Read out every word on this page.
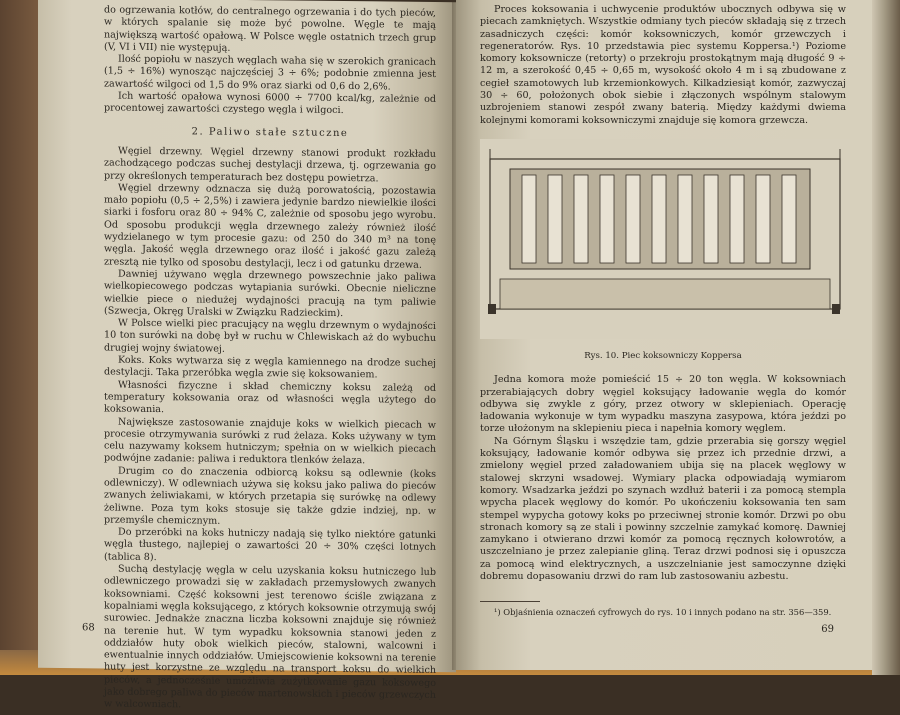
do ogrzewania kotłów, do centralnego ogrzewania i do tych pieców, w których spalanie się może być powolne. Węgle te mają największą wartość opałową. W Polsce węgle ostatnich trzech grup (V, VI i VII) nie występują.

Ilość popiołu w naszych węglach waha się w szerokich granicach (1,5 ÷ 16%) wynosząc najczęściej 3 ÷ 6%; podobnie zmienna jest zawartość wilgoci od 1,5 do 9% oraz siarki od 0,6 do 2,6%.

Ich wartość opałowa wynosi 6000 ÷ 7700 kcal/kg, zależnie od procentowej zawartości czystego węgla i wilgoci.

2. Paliwo stałe sztuczne

Węgiel drzewny. Węgiel drzewny stanowi produkt rozkładu zachodzącego podczas suchej destylacji drzewa, tj. ogrzewania go przy określonych temperaturach bez dostępu powietrza.

Węgiel drzewny odznacza się dużą porowatością, pozostawia mało popiołu (0,5 ÷ 2,5%) i zawiera jedynie bardzo niewielkie ilości siarki i fosforu oraz 80 ÷ 94% C, zależnie od sposobu jego wyrobu. Od sposobu produkcji węgla drzewnego zależy również ilość wydzielanego w tym procesie gazu: od 250 do 340 m³ na tonę węgla. Jakość węgla drzewnego oraz ilość i jakość gazu zależą zresztą nie tylko od sposobu destylacji, lecz i od gatunku drzewa.

Dawniej używano węgla drzewnego powszechnie jako paliwa wielkopiecowego podczas wytapiania surówki. Obecnie nieliczne wielkie piece o niedużej wydajności pracują na tym paliwie (Szwecja, Okręg Uralski w Związku Radzieckim).

W Polsce wielki piec pracujący na węglu drzewnym o wydajności 10 ton surówki na dobę był w ruchu w Chlewiskach aż do wybuchu drugiej wojny światowej.

Koks. Koks wytwarza się z węgla kamiennego na drodze suchej destylacji. Taka przeróbka węgla zwie się koksowaniem.

Własności fizyczne i skład chemiczny koksu zależą od temperatury koksowania oraz od własności węgla użytego do koksowania.

Największe zastosowanie znajduje koks w wielkich piecach w procesie otrzymywania surówki z rud żelaza. Koks używany w tym celu nazywamy koksem hutniczym; spełnia on w wielkich piecach podwójne zadanie: paliwa i reduktora tlenków żelaza.

Drugim co do znaczenia odbiorcą koksu są odlewnie (koks odlewniczy). W odlewniach używa się koksu jako paliwa do pieców zwanych żeliwiakami, w których przetapia się surówkę na odlewy żeliwne. Poza tym koks stosuje się także gdzie indziej, np. w przemyśle chemicznym.

Do przeróbki na koks hutniczy nadają się tylko niektóre gatunki węgla tłustego, najlepiej o zawartości 20 ÷ 30% części lotnych (tablica 8).

Suchą destylację węgla w celu uzyskania koksu hutniczego lub odlewniczego prowadzi się w zakładach przemysłowych zwanych koksowniami. Część koksowni jest terenowo ściśle związana z kopalniami węgla koksującego, z których koksownie otrzymują swój surowiec. Jednakże znaczna liczba koksowni znajduje się również na terenie hut. W tym wypadku koksownia stanowi jeden z oddziałów huty obok wielkich pieców, stalowni, walcowni i ewentualnie innych oddziałów. Umiejscowienie koksowni na terenie huty jest korzystne ze względu na transport koksu do wielkich pieców, a jednocześnie umożliwia zużytkowanie gazu koksowego jako dobrego paliwa do pieców martenowskich i pieców grzewczych w walcowniach.

68

Proces koksowania i uchwycenie produktów ubocznych odbywa się w piecach zamkniętych. Wszystkie odmiany tych pieców składają się z trzech zasadniczych części: komór koksowniczych, komór grzewczych i regeneratorów. Rys. 10 przedstawia piec systemu Koppersa.¹) Poziome komory koksownicze (retorty) o przekroju prostokątnym mają długość 9 ÷ 12 m, a szerokość 0,45 ÷ 0,65 m, wysokość około 4 m i są zbudowane z cegieł szamotowych lub krzemionkowych. Kilkadziesiąt komór, zazwyczaj 30 ÷ 60, położonych obok siebie i złączonych wspólnym stalowym uzbrojeniem stanowi zespół zwany baterią. Między każdymi dwiema kolejnymi komorami koksowniczymi znajduje się komora grzewcza.

Rys. 10. Piec koksowniczy Koppersa

Jedna komora może pomieścić 15 ÷ 20 ton węgla. W koksowniach przerabiających dobry węgiel koksujący ładowanie węgla do komór odbywa się zwykle z góry, przez otwory w sklepieniach. Operację ładowania wykonuje w tym wypadku maszyna zasypowa, która jeździ po torze ułożonym na sklepieniu pieca i napełnia komory węglem.

Na Górnym Śląsku i wszędzie tam, gdzie przerabia się gorszy węgiel koksujący, ładowanie komór odbywa się przez ich przednie drzwi, a zmielony węgiel przed załadowaniem ubija się na placek węglowy w stalowej skrzyni wsadowej. Wymiary placka odpowiadają wymiarom komory. Wsadzarka jeździ po szynach wzdłuż baterii i za pomocą stempla wpycha placek węglowy do komór. Po ukończeniu koksowania ten sam stempel wypycha gotowy koks po przeciwnej stronie komór. Drzwi po obu stronach komory są ze stali i powinny szczelnie zamykać komorę. Dawniej zamykano i otwierano drzwi komór za pomocą ręcznych kołowrotów, a uszczelniano je przez zalepianie gliną. Teraz drzwi podnosi się i opuszcza za pomocą wind elektrycznych, a uszczelnianie jest samoczynne dzięki dobremu dopasowaniu drzwi do ram lub zastosowaniu azbestu.

¹) Objaśnienia oznaczeń cyfrowych do rys. 10 i innych podano na str. 356—359.

69
